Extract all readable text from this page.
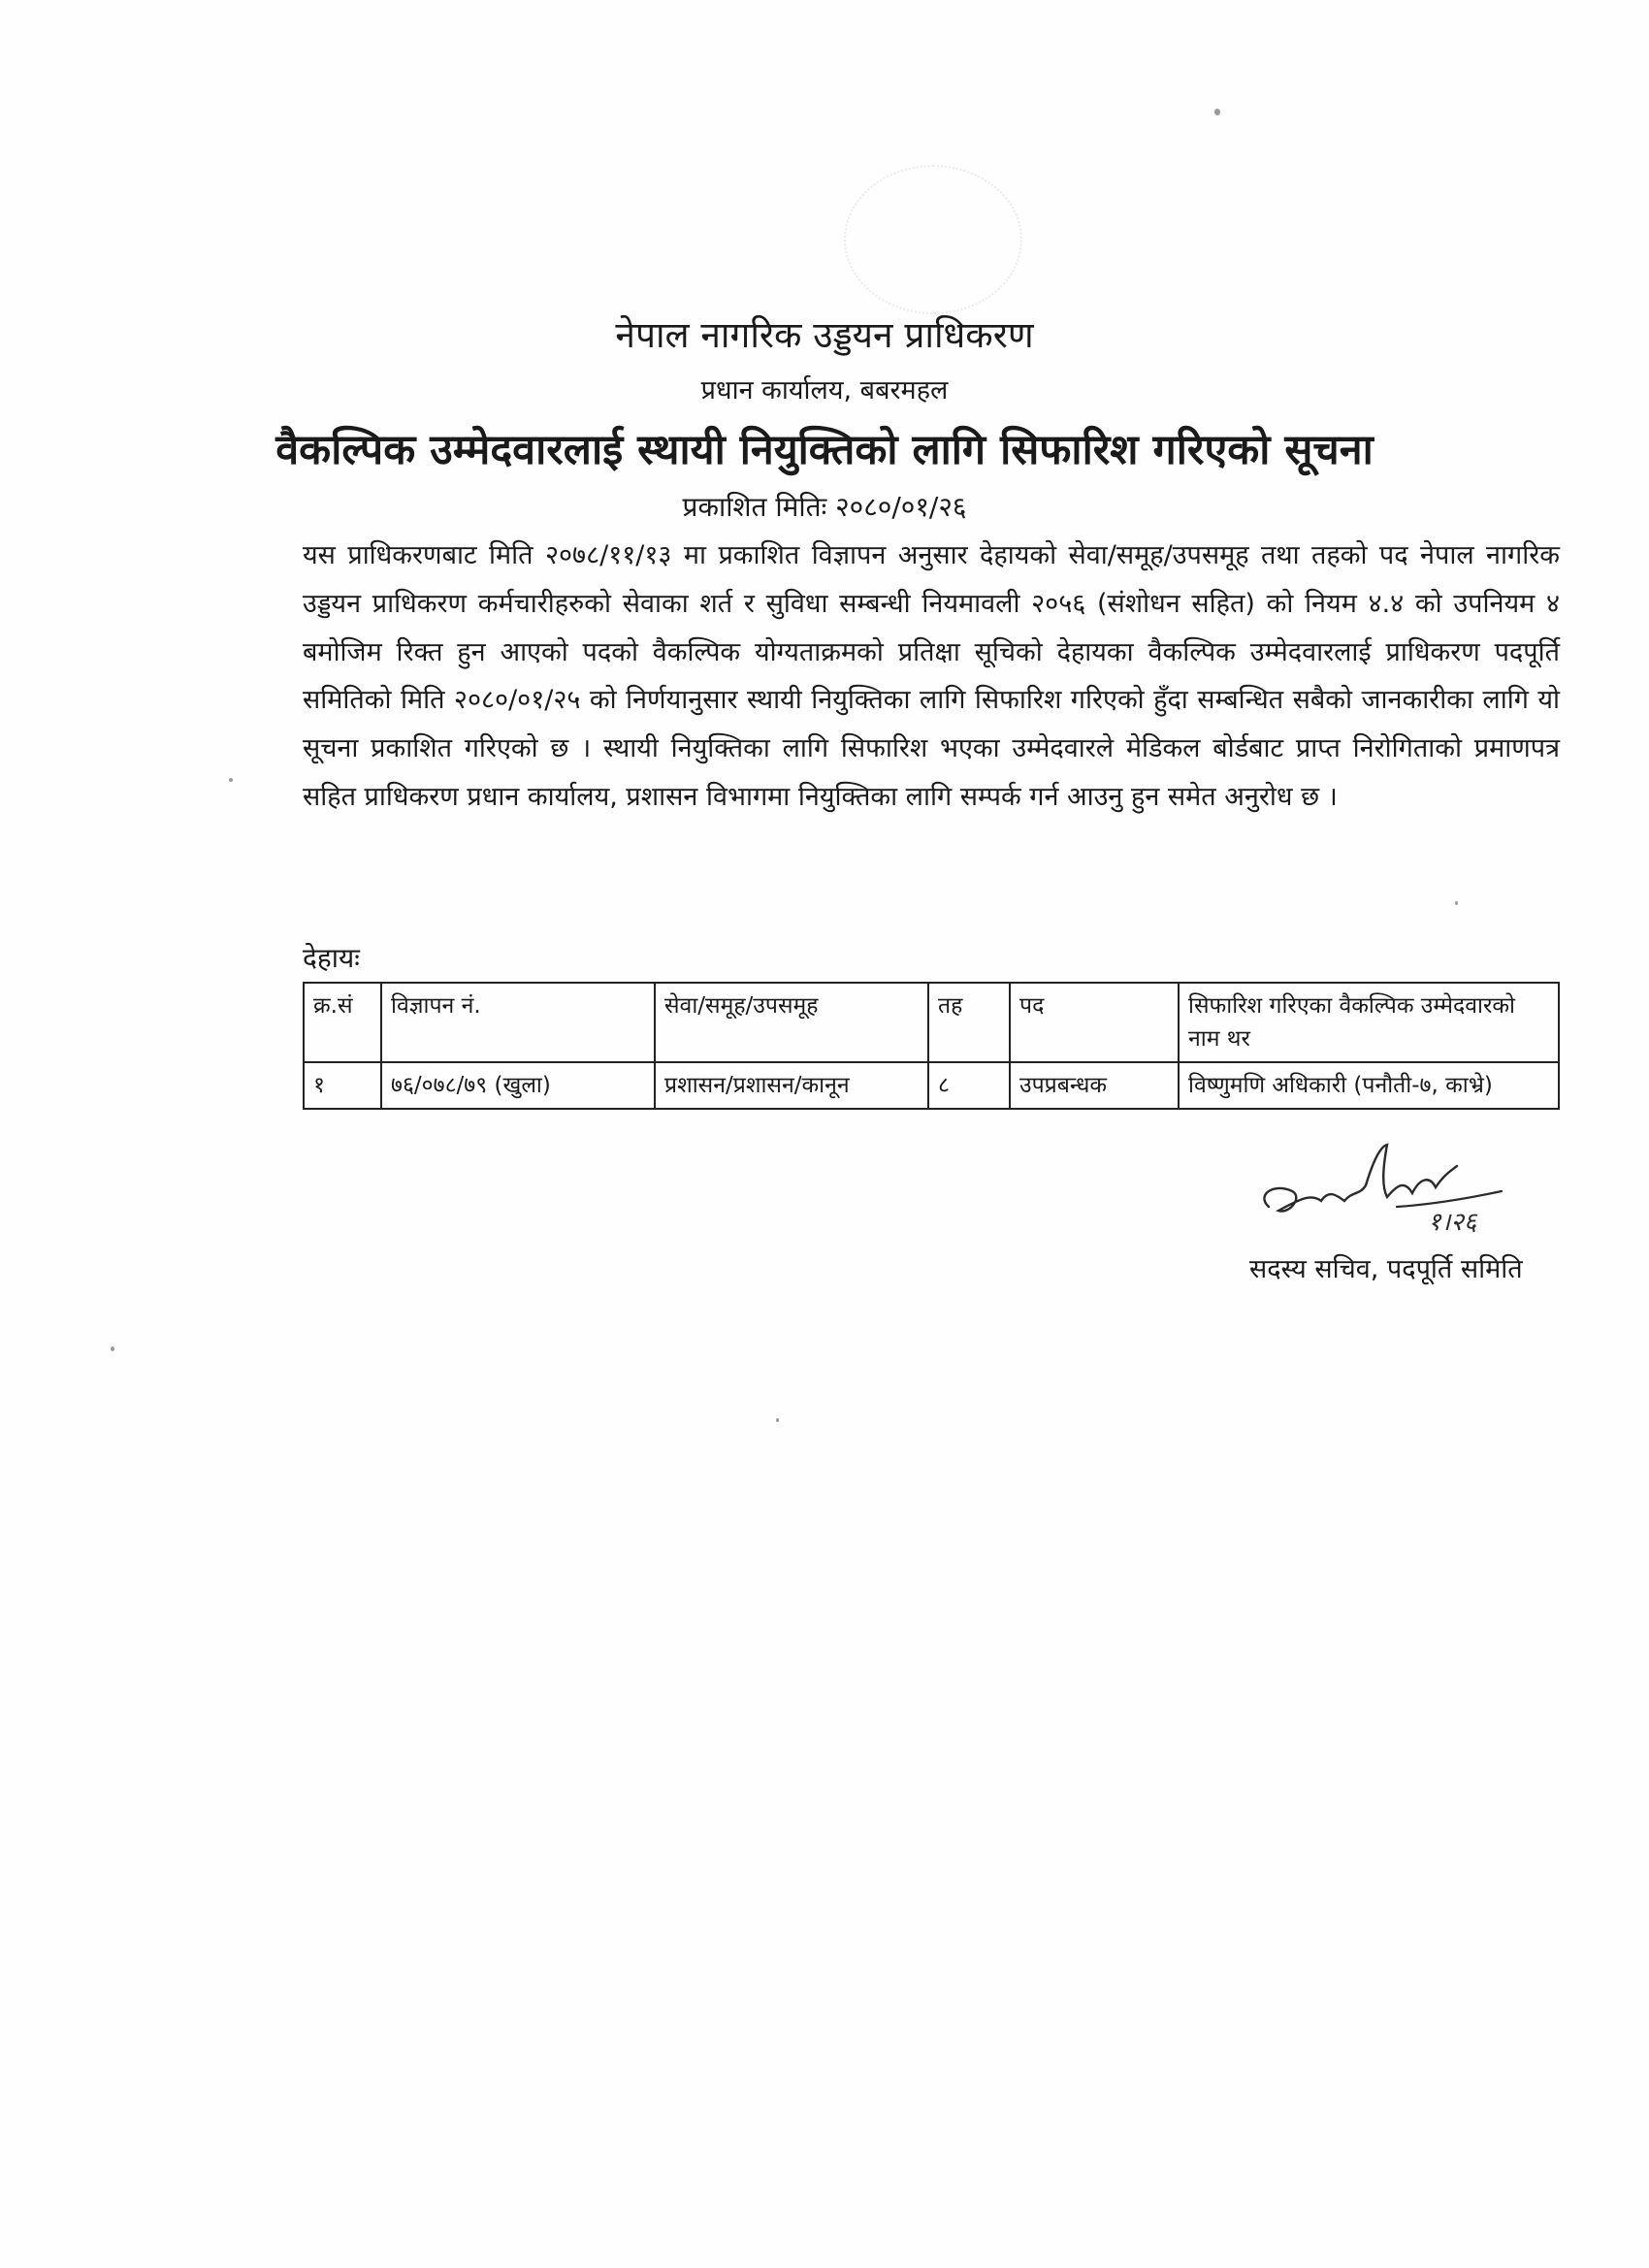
नेपाल नागरिक उड्डयन प्राधिकरण
प्रधान कार्यालय, बबरमहल
वैकल्पिक उम्मेदवारलाई स्थायी नियुक्तिको लागि सिफारिश गरिएको सूचना
प्रकाशित मितिः २०८०/०१/२६
यस प्राधिकरणबाट मिति २०७८/११/१३ मा प्रकाशित विज्ञापन अनुसार देहायको सेवा/समूह/उपसमूह तथा तहको पद नेपाल नागरिक उड्डयन प्राधिकरण कर्मचारीहरुको सेवाका शर्त र सुविधा सम्बन्धी नियमावली २०५६ (संशोधन सहित) को नियम ४.४ को उपनियम ४ बमोजिम रिक्त हुन आएको पदको वैकल्पिक योग्यताक्रमको प्रतिक्षा सूचिको देहायका वैकल्पिक उम्मेदवारलाई प्राधिकरण पदपूर्ति समितिको मिति २०८०/०१/२५ को निर्णयानुसार स्थायी नियुक्तिका लागि सिफारिश गरिएको हुँदा सम्बन्धित सबैको जानकारीका लागि यो सूचना प्रकाशित गरिएको छ । स्थायी नियुक्तिका लागि सिफारिश भएका उम्मेदवारले मेडिकल बोर्डबाट प्राप्त निरोगिताको प्रमाणपत्र सहित प्राधिकरण प्रधान कार्यालय, प्रशासन विभागमा नियुक्तिका लागि सम्पर्क गर्न आउनु हुन समेत अनुरोध छ ।
देहायः
क्र.सं	विज्ञापन नं.	सेवा/समूह/उपसमूह	तह	पद	सिफारिश गरिएका वैकल्पिक उम्मेदवारको नाम थर
१	७६/०७८/७९ (खुला)	प्रशासन/प्रशासन/कानून	८	उपप्रबन्धक	विष्णुमणि अधिकारी (पनौती-७, काभ्रे)
१।२६
सदस्य सचिव, पदपूर्ति समिति
